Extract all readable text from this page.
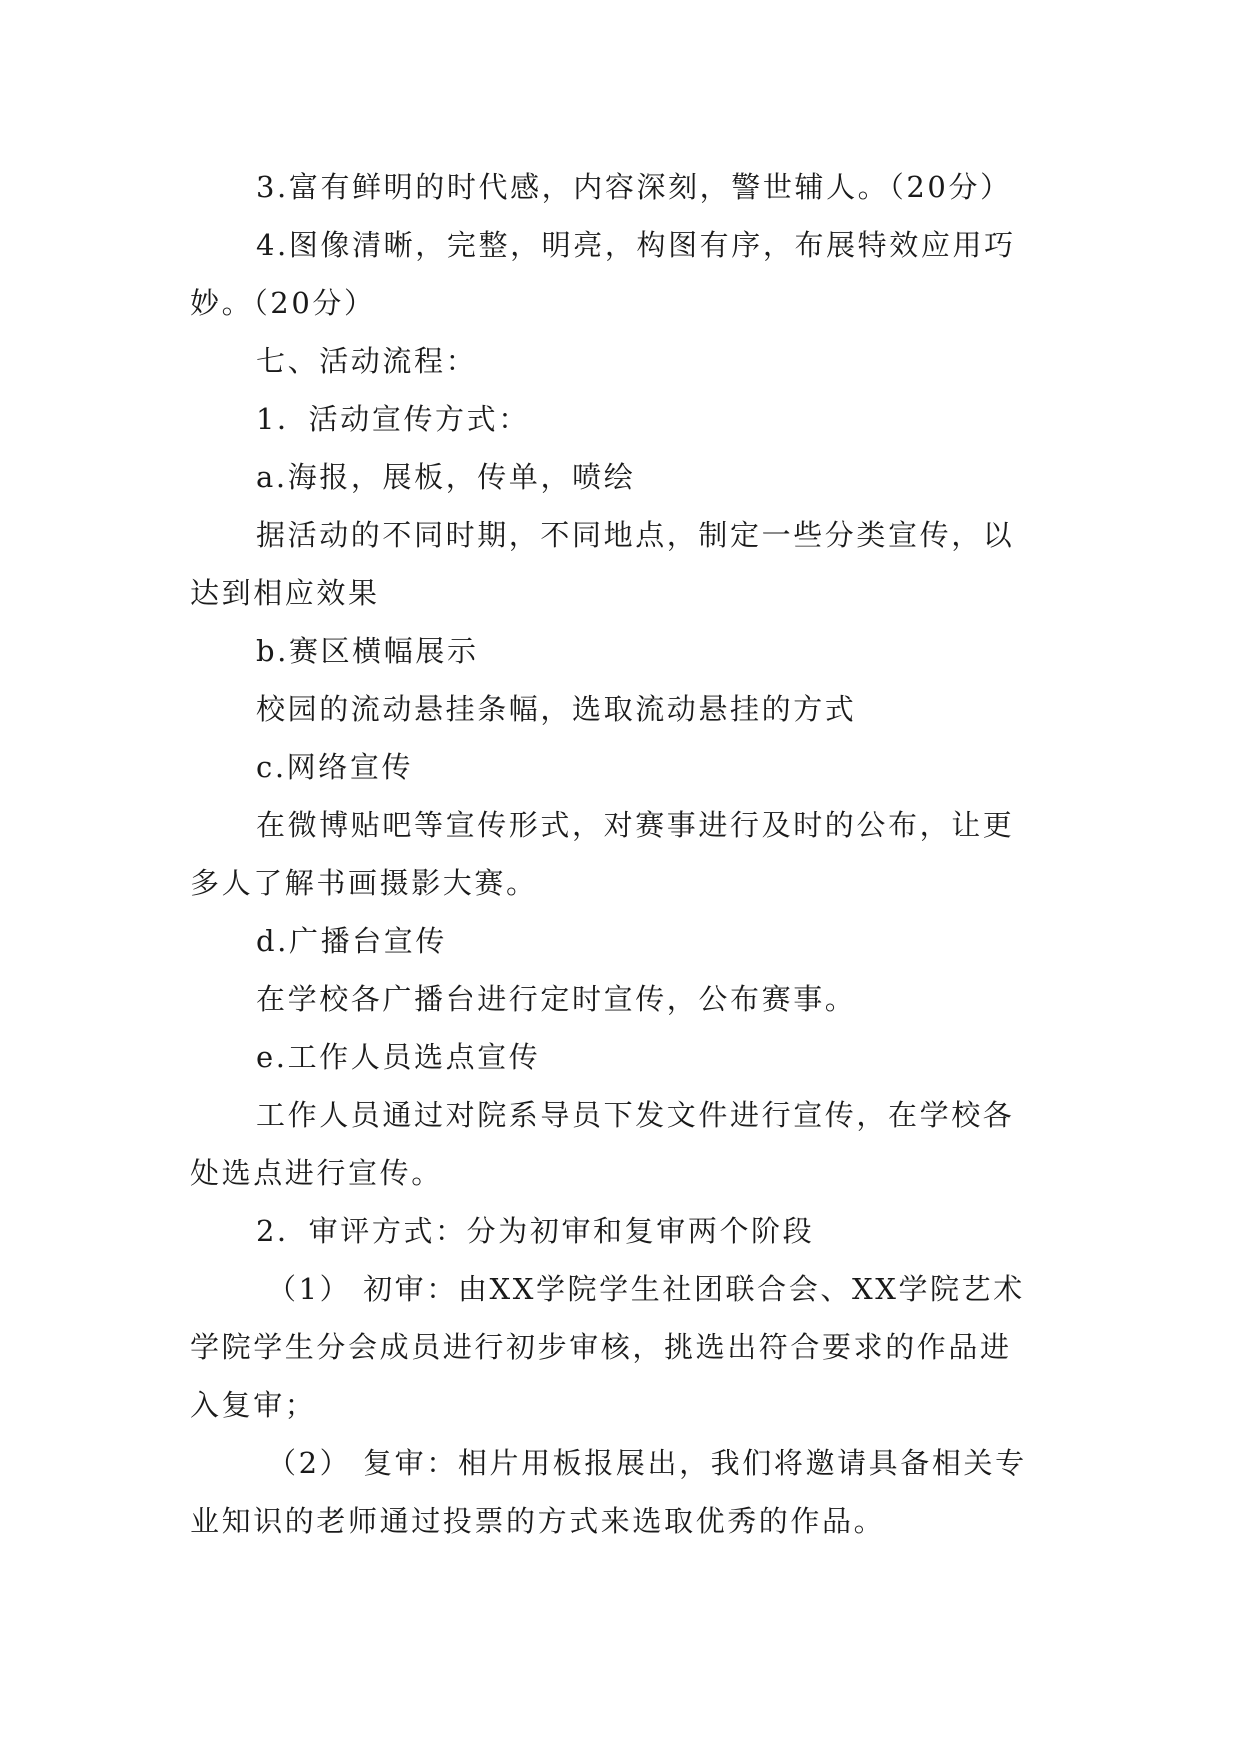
3.富有鲜明的时代感，内容深刻，警世辅人。（20分）
4.图像清晰，完整，明亮，构图有序，布展特效应用巧
妙。（20分）
七、活动流程：
1．活动宣传方式：
a.海报，展板，传单，喷绘
据活动的不同时期，不同地点，制定一些分类宣传，以
达到相应效果
b.赛区横幅展示
校园的流动悬挂条幅，选取流动悬挂的方式
c.网络宣传
在微博贴吧等宣传形式，对赛事进行及时的公布，让更
多人了解书画摄影大赛。
d.广播台宣传
在学校各广播台进行定时宣传，公布赛事。
e.工作人员选点宣传
工作人员通过对院系导员下发文件进行宣传，在学校各
处选点进行宣传。
2．审评方式：分为初审和复审两个阶段
（1） 初审：由XX学院学生社团联合会、XX学院艺术
学院学生分会成员进行初步审核，挑选出符合要求的作品进
入复审；
（2） 复审：相片用板报展出，我们将邀请具备相关专
业知识的老师通过投票的方式来选取优秀的作品。
